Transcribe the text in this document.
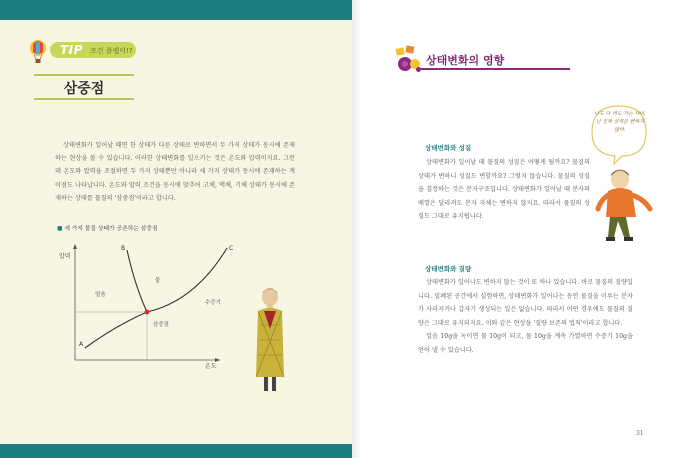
TIP 조건 플랩이!?
삼중점

상태변화가 일어날 때면 한 상태가 다른 상태로 변하면서 두 가지 상태가 동시에 존재하는 현상을 볼 수 있습니다. 이러한 상태변화를 일으키는 것은 온도와 압력이지요. 그런데 온도와 압력을 조절하면 두 가지 상태뿐만 아니라 세 가지 상태가 동시에 존재하는 계 이점도 나타납니다. 온도와 압력 조건을 동시에 맞추어 고체, 액체, 기체 상태가 동시에 존재하는 상태를 물질의 '삼중점'이라고 합니다.

■ 세 가지 물질 상태가 공존하는 삼중점
압력
온도
B	C
A
얼음
물
수증기
삼중점
상태변화의 영향
상태변화와 성질

상태변화가 일어날 때 물질의 성질은 어떻게 될까요? 물질의 상태가 변하니 성질도 변할까요? 그렇지 않습니다. 물질의 성질을 결정하는 것은 분자구조입니다. 상태변화가 일어날 때 분자의 배열은 달라져도 분자 자체는 변하지 않지요. 따라서 물질의 성질도 그대로 유지됩니다.

상태변화와 질량

상태변화가 일어나도 변하지 않는 것이 또 하나 있습니다. 바로 물질의 질량입니다. 밀폐된 공간에서 실험하면, 상태변화가 일어나는 동안 물질을 이루는 분자가 사라지거나 갑자기 생성되는 일은 없습니다. 따라서 어떤 경우에도 물질의 질량은 그대로 유지되지요. 이와 같은 현상을 '질량 보존의 법칙'이라고 합니다.

얼음 10g을 녹이면 물 10g이 되고, 물 10g을 계속 가열하면 수증기 10g을 얻어 낼 수 있습니다.

나도 다 커도 가는 사이, 난 진짜 성격은 변하지 않아.
31
